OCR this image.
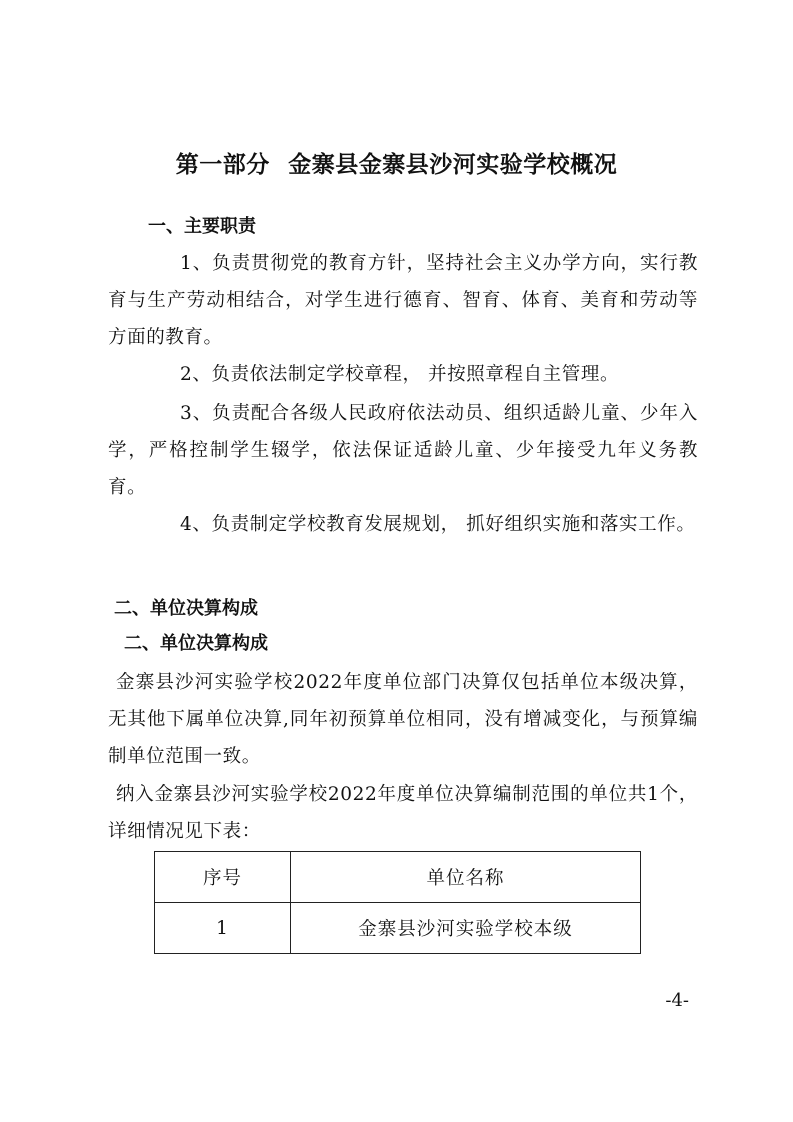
第一部分 金寨县金寨县沙河实验学校概况
一、主要职责

1、负责贯彻党的教育方针，坚持社会主义办学方向，实行教育与生产劳动相结合，对学生进行德育、智育、体育、美育和劳动等方面的教育。

2、负责依法制定学校章程， 并按照章程自主管理。

3、负责配合各级人民政府依法动员、组织适龄儿童、少年入学，严格控制学生辍学，依法保证适龄儿童、少年接受九年义务教育。

4、负责制定学校教育发展规划， 抓好组织实施和落实工作。

二、单位决算构成
二、单位决算构成

金寨县沙河实验学校2022年度单位部门决算仅包括单位本级决算，无其他下属单位决算,同年初预算单位相同，没有增减变化，与预算编制单位范围一致。

纳入金寨县沙河实验学校2022年度单位决算编制范围的单位共1个，详细情况见下表：

序号	单位名称
1	金寨县沙河实验学校本级

-4-
